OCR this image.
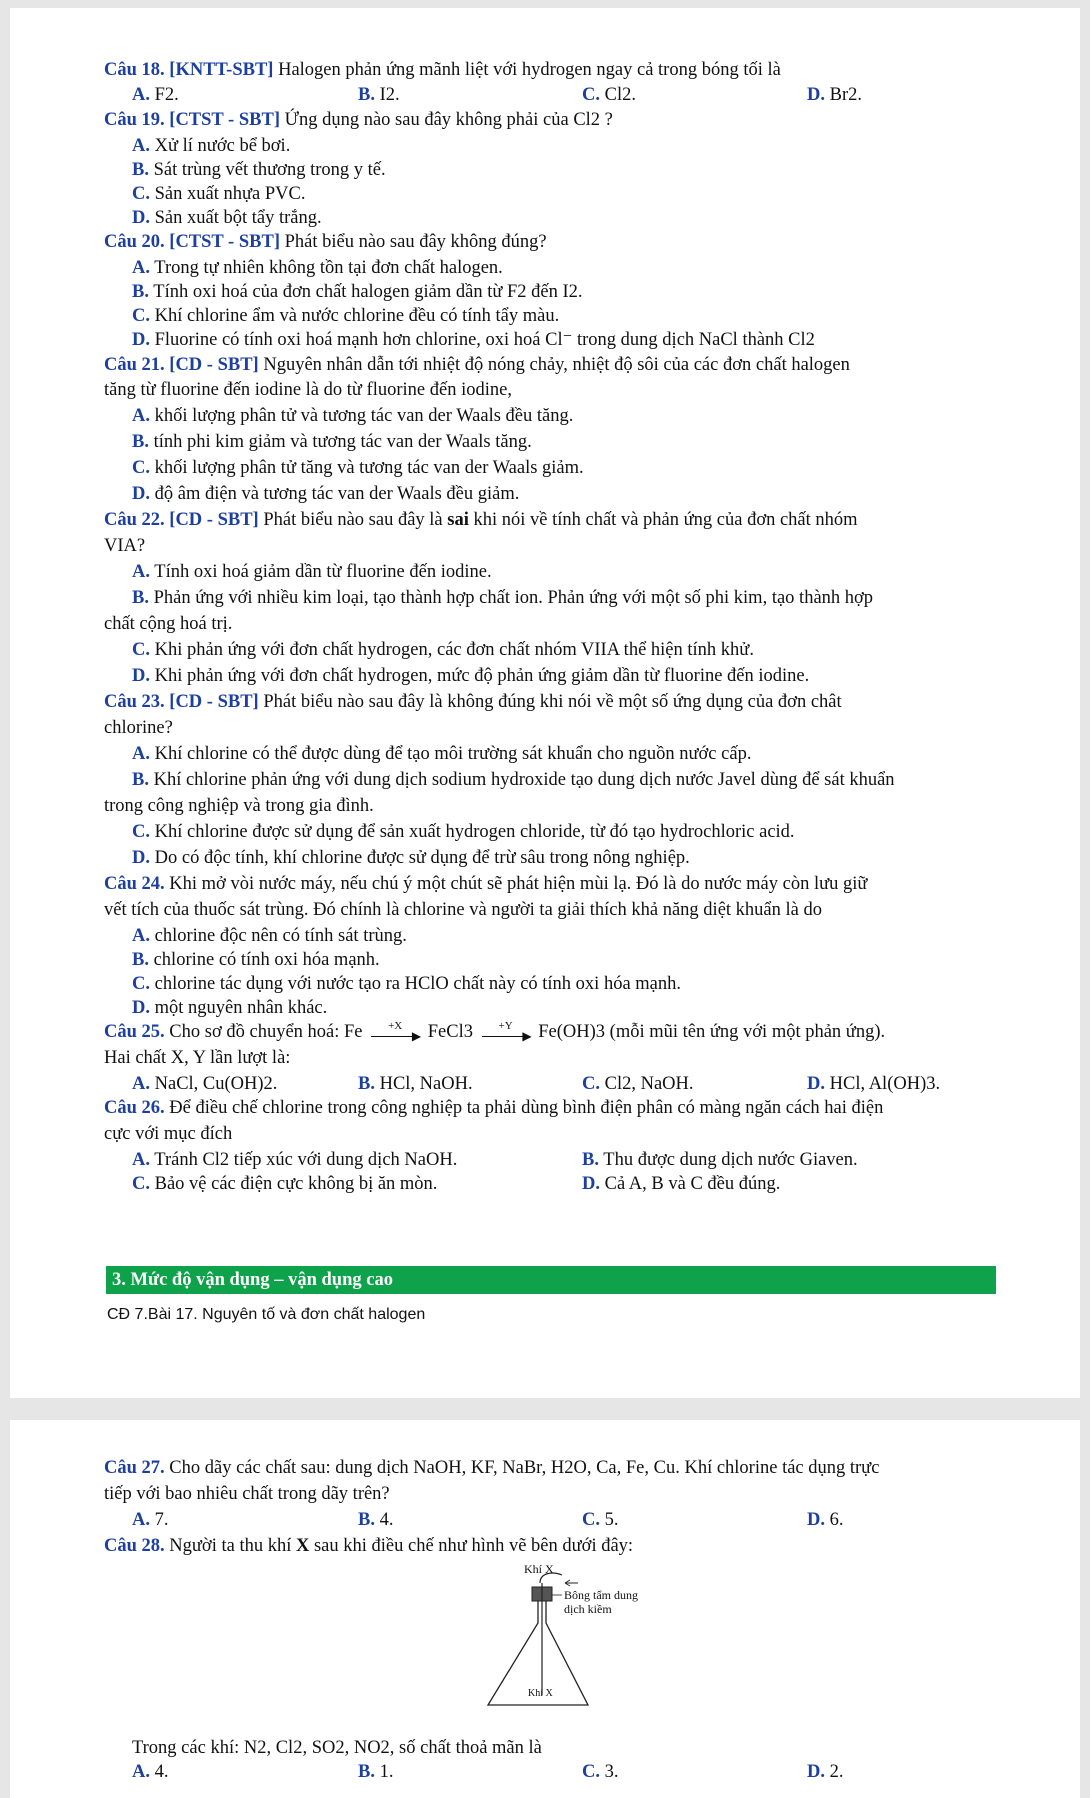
Câu 18. [KNTT-SBT] Halogen phản ứng mãnh liệt với hydrogen ngay cả trong bóng tối là
A. F2.	B. I2.	C. Cl2.	D. Br2.
Câu 19. [CTST - SBT] Ứng dụng nào sau đây không phải của Cl2 ?
A. Xử lí nước bể bơi.
B. Sát trùng vết thương trong y tế.
C. Sản xuất nhựa PVC.
D. Sản xuất bột tẩy trắng.
Câu 20. [CTST - SBT] Phát biểu nào sau đây không đúng?
A. Trong tự nhiên không tồn tại đơn chất halogen.
B. Tính oxi hoá của đơn chất halogen giảm dần từ F2 đến I2.
C. Khí chlorine ẩm và nước chlorine đều có tính tẩy màu.
D. Fluorine có tính oxi hoá mạnh hơn chlorine, oxi hoá Cl⁻ trong dung dịch NaCl thành Cl2
Câu 21. [CD - SBT] Nguyên nhân dẫn tới nhiệt độ nóng chảy, nhiệt độ sôi của các đơn chất halogen
tăng từ fluorine đến iodine là do từ fluorine đến iodine,
A. khối lượng phân tử và tương tác van der Waals đều tăng.
B. tính phi kim giảm và tương tác van der Waals tăng.
C. khối lượng phân tử tăng và tương tác van der Waals giảm.
D. độ âm điện và tương tác van der Waals đều giảm.
Câu 22. [CD - SBT] Phát biểu nào sau đây là sai khi nói về tính chất và phản ứng của đơn chất nhóm
VIA?
A. Tính oxi hoá giảm dần từ fluorine đến iodine.
B. Phản ứng với nhiều kim loại, tạo thành hợp chất ion. Phản ứng với một số phi kim, tạo thành hợp
chất cộng hoá trị.
C. Khi phản ứng với đơn chất hydrogen, các đơn chất nhóm VIIA thể hiện tính khử.
D. Khi phản ứng với đơn chất hydrogen, mức độ phản ứng giảm dần từ fluorine đến iodine.
Câu 23. [CD - SBT] Phát biểu nào sau đây là không đúng khi nói về một số ứng dụng của đơn chât
chlorine?
A. Khí chlorine có thể được dùng để tạo môi trường sát khuẩn cho nguồn nước cấp.
B. Khí chlorine phản ứng với dung dịch sodium hydroxide tạo dung dịch nước Javel dùng để sát khuẩn
trong công nghiệp và trong gia đình.
C. Khí chlorine được sử dụng để sản xuất hydrogen chloride, từ đó tạo hydrochloric acid.
D. Do có độc tính, khí chlorine được sử dụng để trừ sâu trong nông nghiệp.
Câu 24. Khi mở vòi nước máy, nếu chú ý một chút sẽ phát hiện mùi lạ. Đó là do nước máy còn lưu giữ
vết tích của thuốc sát trùng. Đó chính là chlorine và người ta giải thích khả năng diệt khuẩn là do
A. chlorine độc nên có tính sát trùng.
B. chlorine có tính oxi hóa mạnh.
C. chlorine tác dụng với nước tạo ra HClO chất này có tính oxi hóa mạnh.
D. một nguyên nhân khác.
Câu 25. Cho sơ đồ chuyển hoá: Fe	+X
▶ FeCl3	+Y
▶ Fe(OH)3 (mỗi mũi tên ứng với một phản ứng).
Hai chất X, Y lần lượt là:
A. NaCl, Cu(OH)2.	B. HCl, NaOH.	C. Cl2, NaOH.	D. HCl, Al(OH)3.
Câu 26. Để điều chế chlorine trong công nghiệp ta phải dùng bình điện phân có màng ngăn cách hai điện
cực với mục đích
A. Tránh Cl2 tiếp xúc với dung dịch NaOH.	B. Thu được dung dịch nước Giaven.
C. Bảo vệ các điện cực không bị ăn mòn.	D. Cả A, B và C đều đúng.
3. Mức độ vận dụng – vận dụng cao
CĐ 7.Bài 17. Nguyên tố và đơn chất halogen
Câu 27. Cho dãy các chất sau: dung dịch NaOH, KF, NaBr, H2O, Ca, Fe, Cu. Khí chlorine tác dụng trực
tiếp với bao nhiêu chất trong dãy trên?
A. 7.	B. 4.	C. 5.	D. 6.
Câu 28. Người ta thu khí X sau khi điều chế như hình vẽ bên dưới đây:
Khí X
Bông tẩm dung
dịch kiềm
Khí X
Trong các khí: N2, Cl2, SO2, NO2, số chất thoả mãn là
A. 4.	B. 1.	C. 3.	D. 2.
